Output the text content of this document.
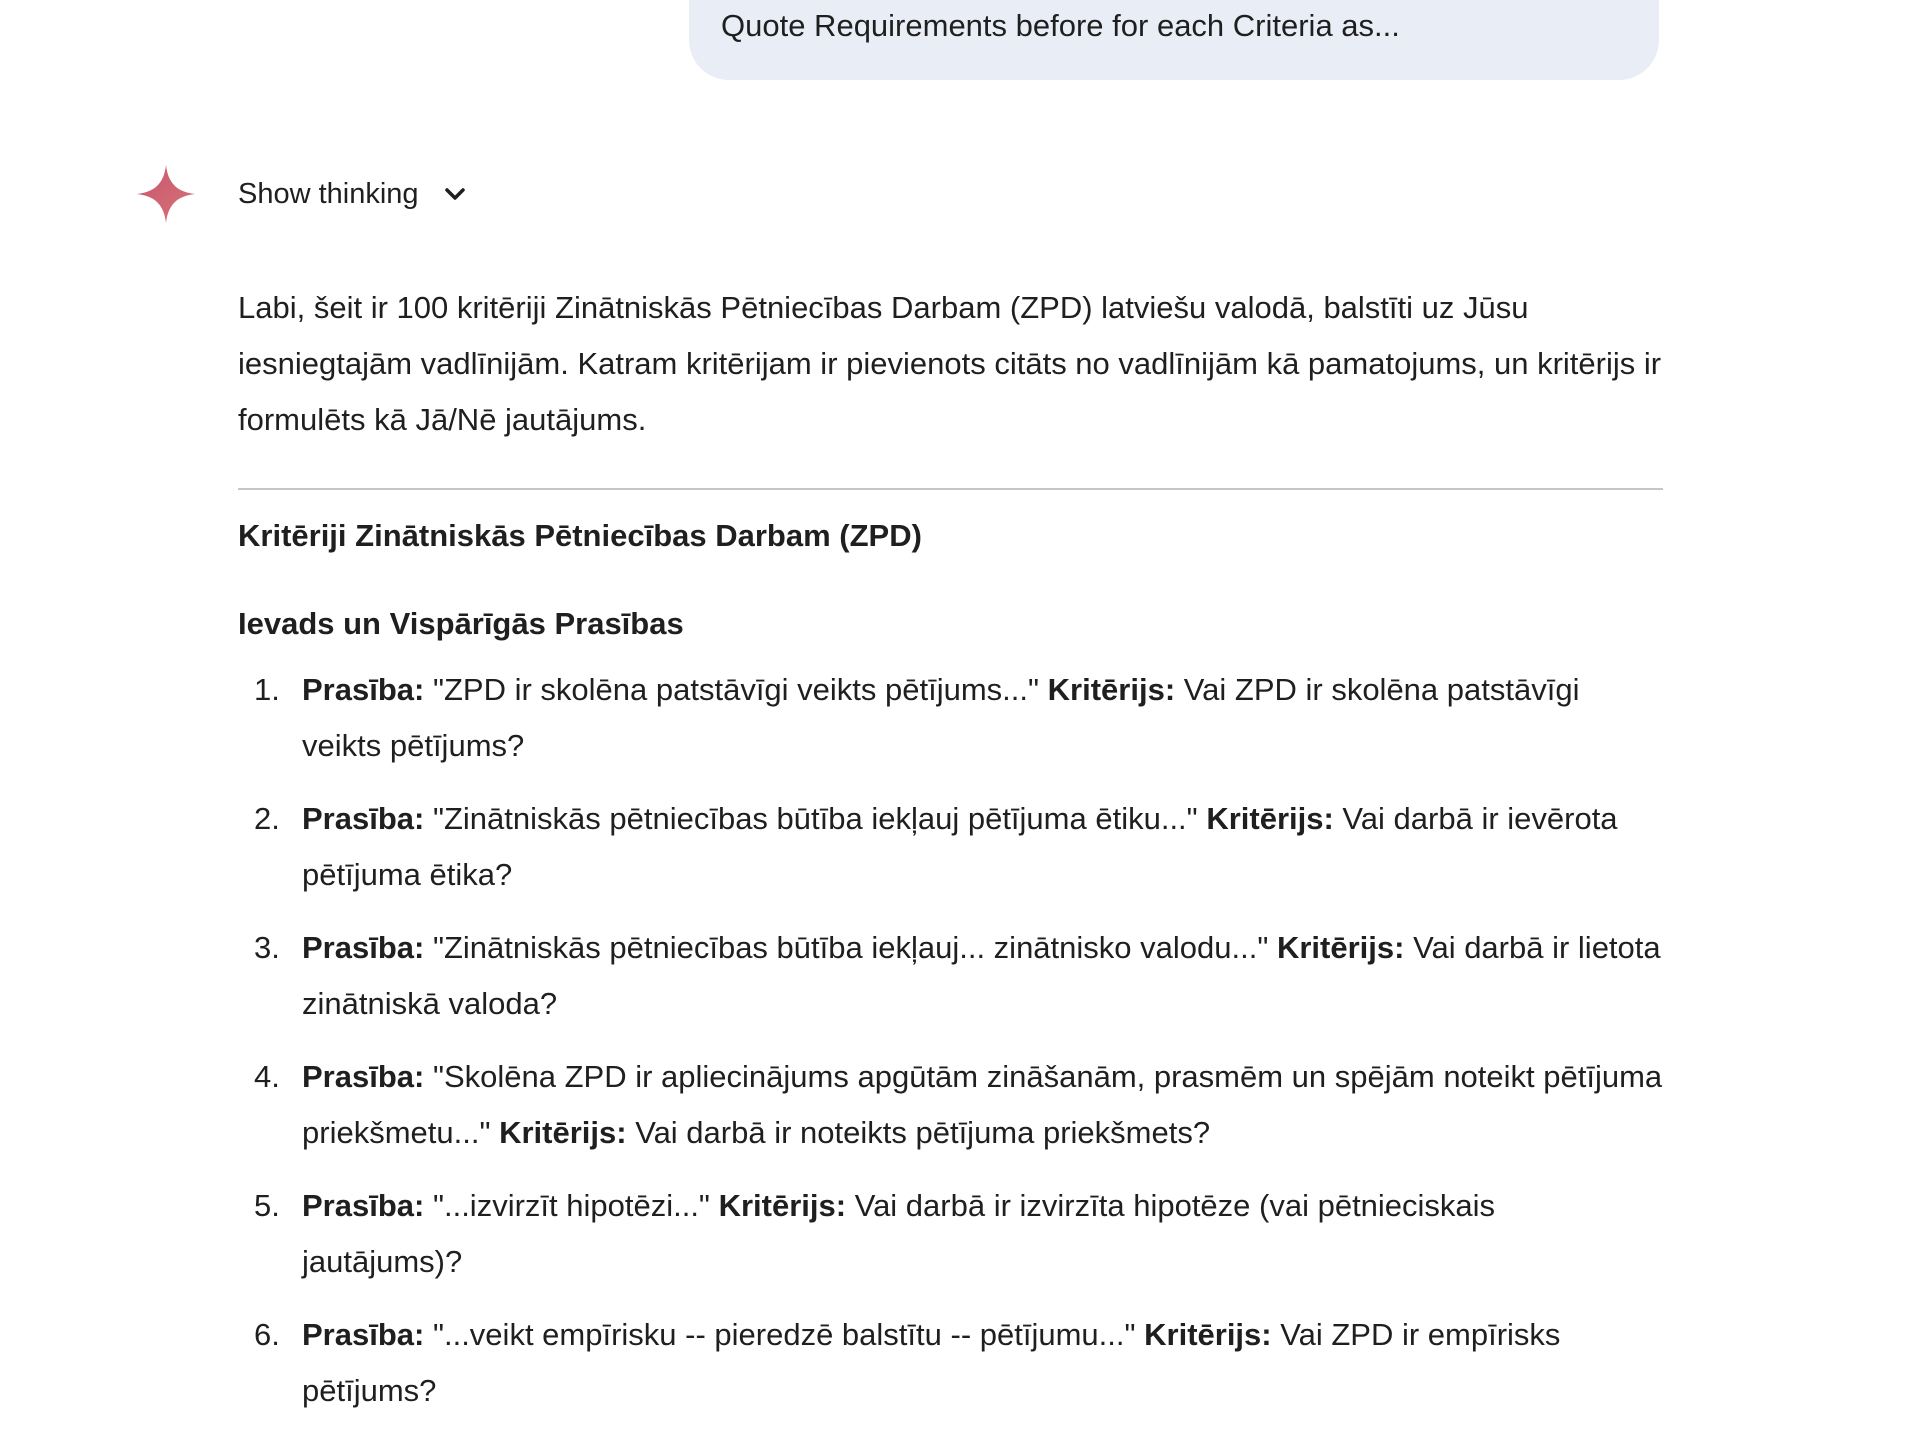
Quote Requirements before for each Criteria as...
Show thinking

Labi, šeit ir 100 kritēriji Zinātniskās Pētniecības Darbam (ZPD) latviešu valodā, balstīti uz Jūsu iesniegtajām vadlīnijām. Katram kritērijam ir pievienots citāts no vadlīnijām kā pamatojums, un kritērijs ir formulēts kā Jā/Nē jautājums.

Kritēriji Zinātniskās Pētniecības Darbam (ZPD)
Ievads un Vispārīgās Prasības
1. Prasība: "ZPD ir skolēna patstāvīgi veikts pētījums..." Kritērijs: Vai ZPD ir skolēna patstāvīgi veikts pētījums?
2. Prasība: "Zinātniskās pētniecības būtība iekļauj pētījuma ētiku..." Kritērijs: Vai darbā ir ievērota pētījuma ētika?
3. Prasība: "Zinātniskās pētniecības būtība iekļauj... zinātnisko valodu..." Kritērijs: Vai darbā ir lietota zinātniskā valoda?
4. Prasība: "Skolēna ZPD ir apliecinājums apgūtām zināšanām, prasmēm un spējām noteikt pētījuma priekšmetu..." Kritērijs: Vai darbā ir noteikts pētījuma priekšmets?
5. Prasība: "...izvirzīt hipotēzi..." Kritērijs: Vai darbā ir izvirzīta hipotēze (vai pētnieciskais jautājums)?
6. Prasība: "...veikt empīrisku -- pieredzē balstītu -- pētījumu..." Kritērijs: Vai ZPD ir empīrisks pētījums?
